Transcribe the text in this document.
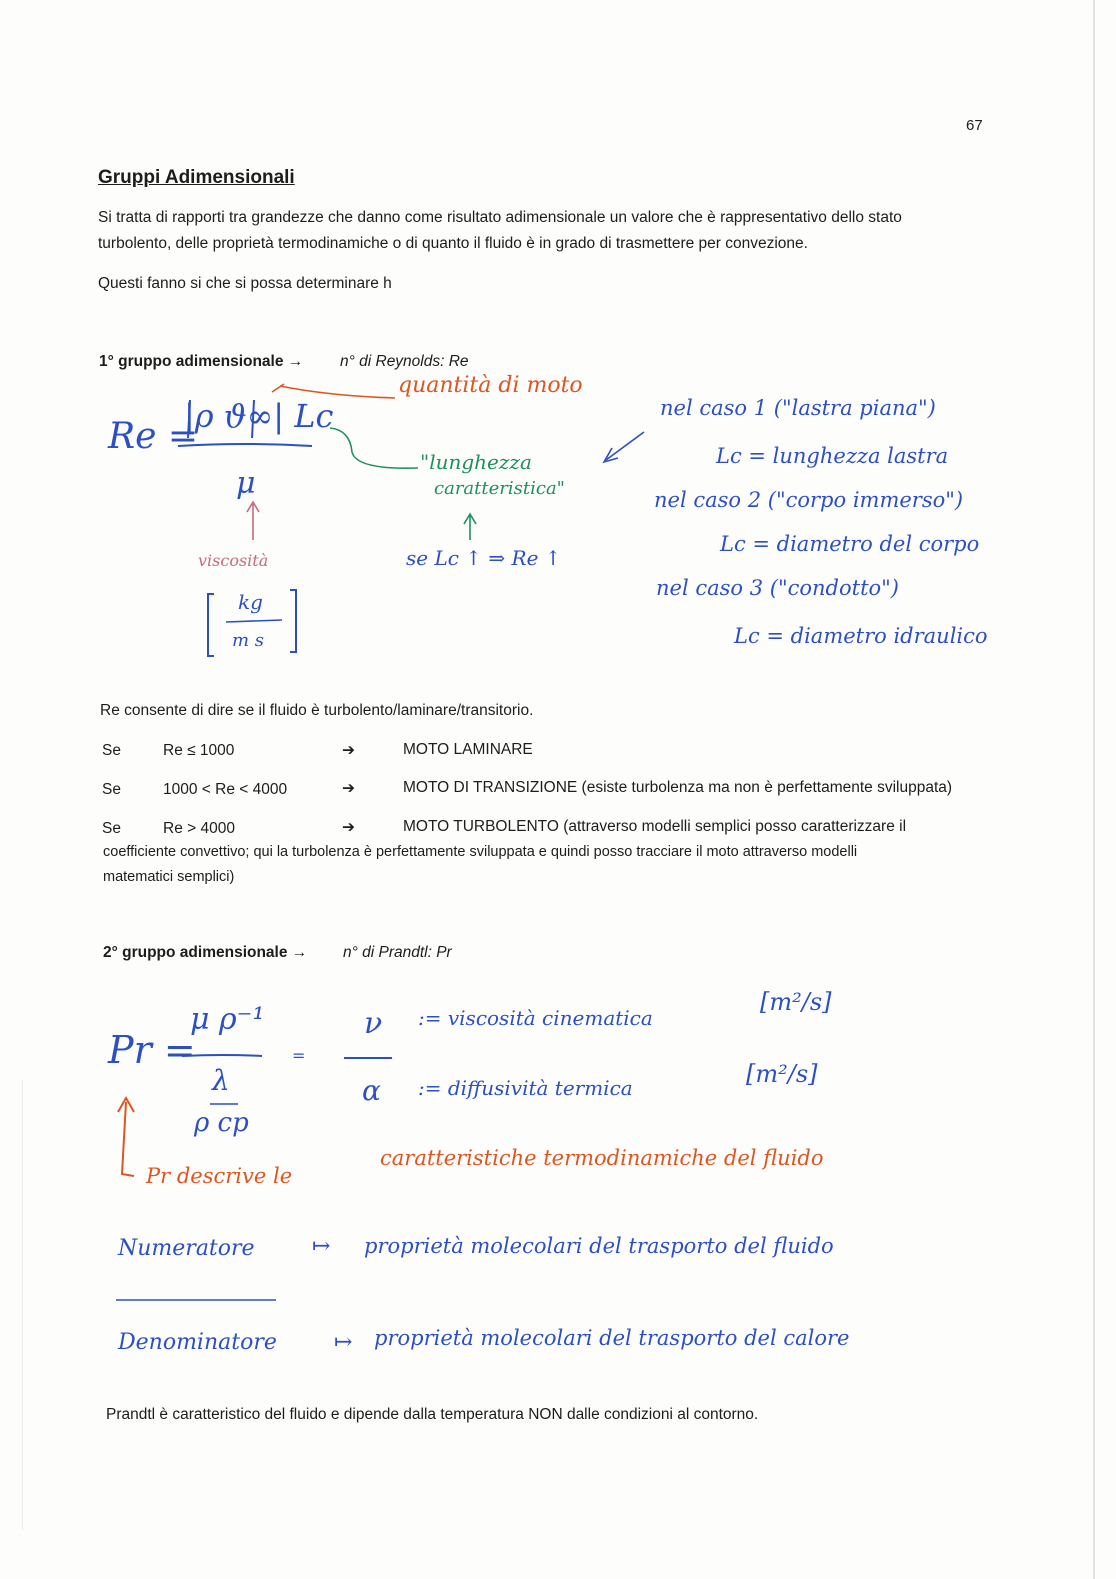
67
Gruppi Adimensionali
Si tratta di rapporti tra grandezze che danno come risultato adimensionale un valore che è rappresentativo dello stato turbolento, delle proprietà termodinamiche o di quanto il fluido è in grado di trasmettere per convezione.
Questi fanno si che si possa determinare h
1° gruppo adimensionale → n° di Reynolds: Re
Re =
|ρ ϑ∞| Lc
μ
quantità di moto
viscosità
kg
m s
"lunghezza
caratteristica"
se Lc ↑ ⇒ Re ↑
nel caso 1 ("lastra piana")
Lc = lunghezza lastra
nel caso 2 ("corpo immerso")
Lc = diametro del corpo
nel caso 3 ("condotto")
Lc = diametro idraulico
Re consente di dire se il fluido è turbolento/laminare/transitorio.
Se	Re ≤ 1000	➔	MOTO LAMINARE
Se	1000 < Re < 4000	➔	MOTO DI TRANSIZIONE (esiste turbolenza ma non è perfettamente sviluppata)
Se	Re > 4000	➔	MOTO TURBOLENTO (attraverso modelli semplici posso caratterizzare il
coefficiente convettivo; qui la turbolenza è perfettamente sviluppata e quindi posso tracciare il moto attraverso modelli
matematici semplici)
2° gruppo adimensionale → n° di Prandtl: Pr
Pr =
μ ρ⁻¹
λ
ρ cp
=
ν
α
:= viscosità cinematica
[m²/s]
:= diffusività termica	[m²/s]
Pr descrive le
caratteristiche termodinamiche del fluido
Numeratore	↦ proprietà molecolari del trasporto del fluido
Denominatore	↦ proprietà molecolari del trasporto del calore
Prandtl è caratteristico del fluido e dipende dalla temperatura NON dalle condizioni al contorno.
